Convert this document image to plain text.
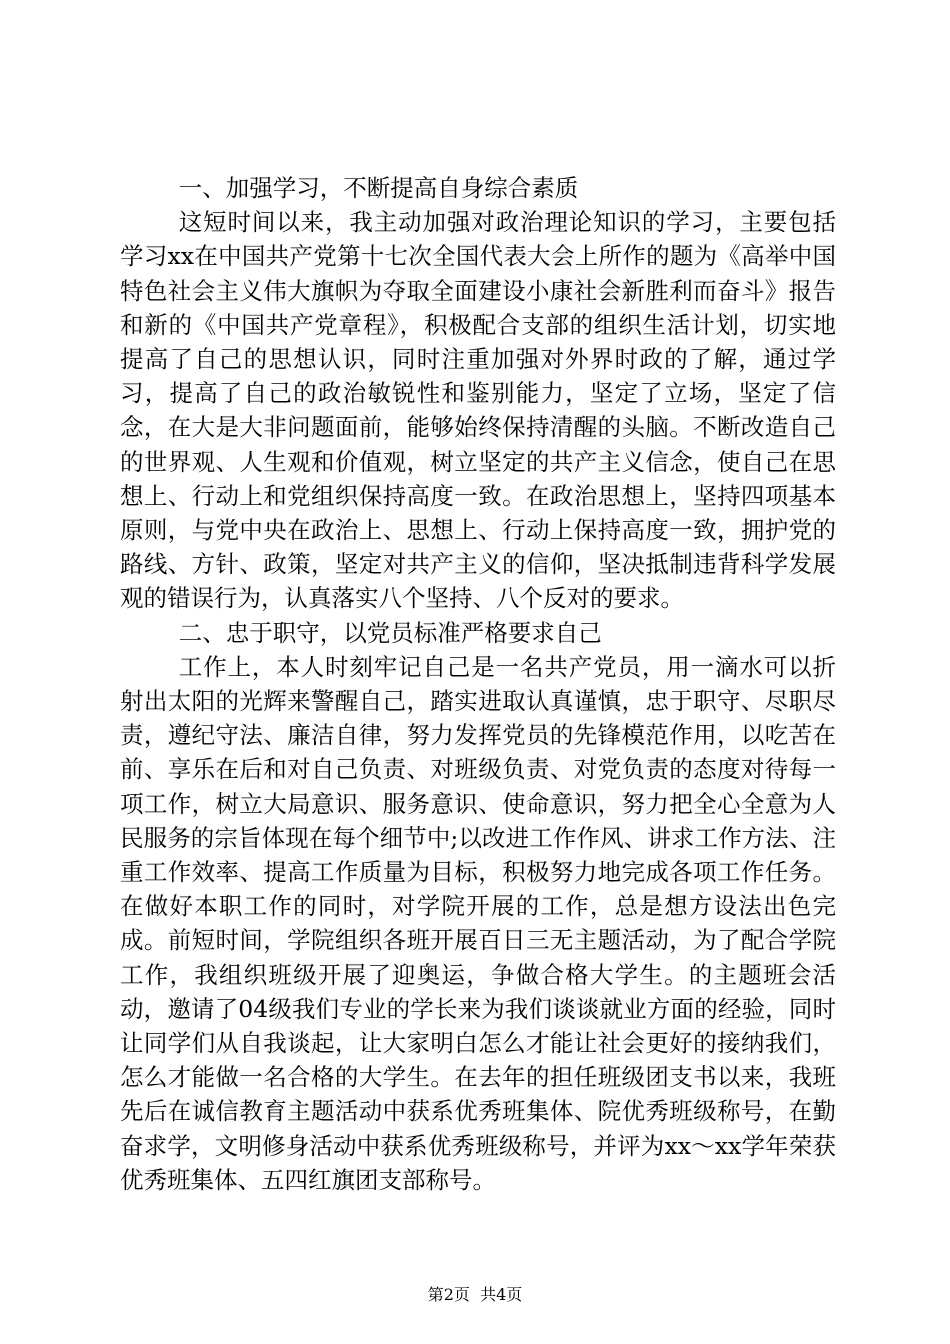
一、加强学习，不断提高自身综合素质

这短时间以来，我主动加强对政治理论知识的学习，主要包括学习xx在中国共产党第十七次全国代表大会上所作的题为《高举中国特色社会主义伟大旗帜为夺取全面建设小康社会新胜利而奋斗》报告和新的《中国共产党章程》，积极配合支部的组织生活计划，切实地提高了自己的思想认识，同时注重加强对外界时政的了解，通过学习，提高了自己的政治敏锐性和鉴别能力，坚定了立场，坚定了信念，在大是大非问题面前，能够始终保持清醒的头脑。不断改造自己的世界观、人生观和价值观，树立坚定的共产主义信念，使自己在思想上、行动上和党组织保持高度一致。在政治思想上，坚持四项基本原则，与党中央在政治上、思想上、行动上保持高度一致，拥护党的路线、方针、政策，坚定对共产主义的信仰，坚决抵制违背科学发展观的错误行为，认真落实八个坚持、八个反对的要求。

二、忠于职守，以党员标准严格要求自己

工作上，本人时刻牢记自己是一名共产党员，用一滴水可以折射出太阳的光辉来警醒自己，踏实进取认真谨慎，忠于职守、尽职尽责，遵纪守法、廉洁自律，努力发挥党员的先锋模范作用，以吃苦在前、享乐在后和对自己负责、对班级负责、对党负责的态度对待每一项工作，树立大局意识、服务意识、使命意识，努力把全心全意为人民服务的宗旨体现在每个细节中;以改进工作作风、讲求工作方法、注重工作效率、提高工作质量为目标，积极努力地完成各项工作任务。在做好本职工作的同时，对学院开展的工作，总是想方设法出色完成。前短时间，学院组织各班开展百日三无主题活动，为了配合学院工作，我组织班级开展了迎奥运，争做合格大学生。的主题班会活动，邀请了04级我们专业的学长来为我们谈谈就业方面的经验，同时让同学们从自我谈起，让大家明白怎么才能让社会更好的接纳我们，怎么才能做一名合格的大学生。在去年的担任班级团支书以来，我班先后在诚信教育主题活动中获系优秀班集体、院优秀班级称号，在勤奋求学，文明修身活动中获系优秀班级称号，并评为xx～xx学年荣获优秀班集体、五四红旗团支部称号。

第2页 共4页
